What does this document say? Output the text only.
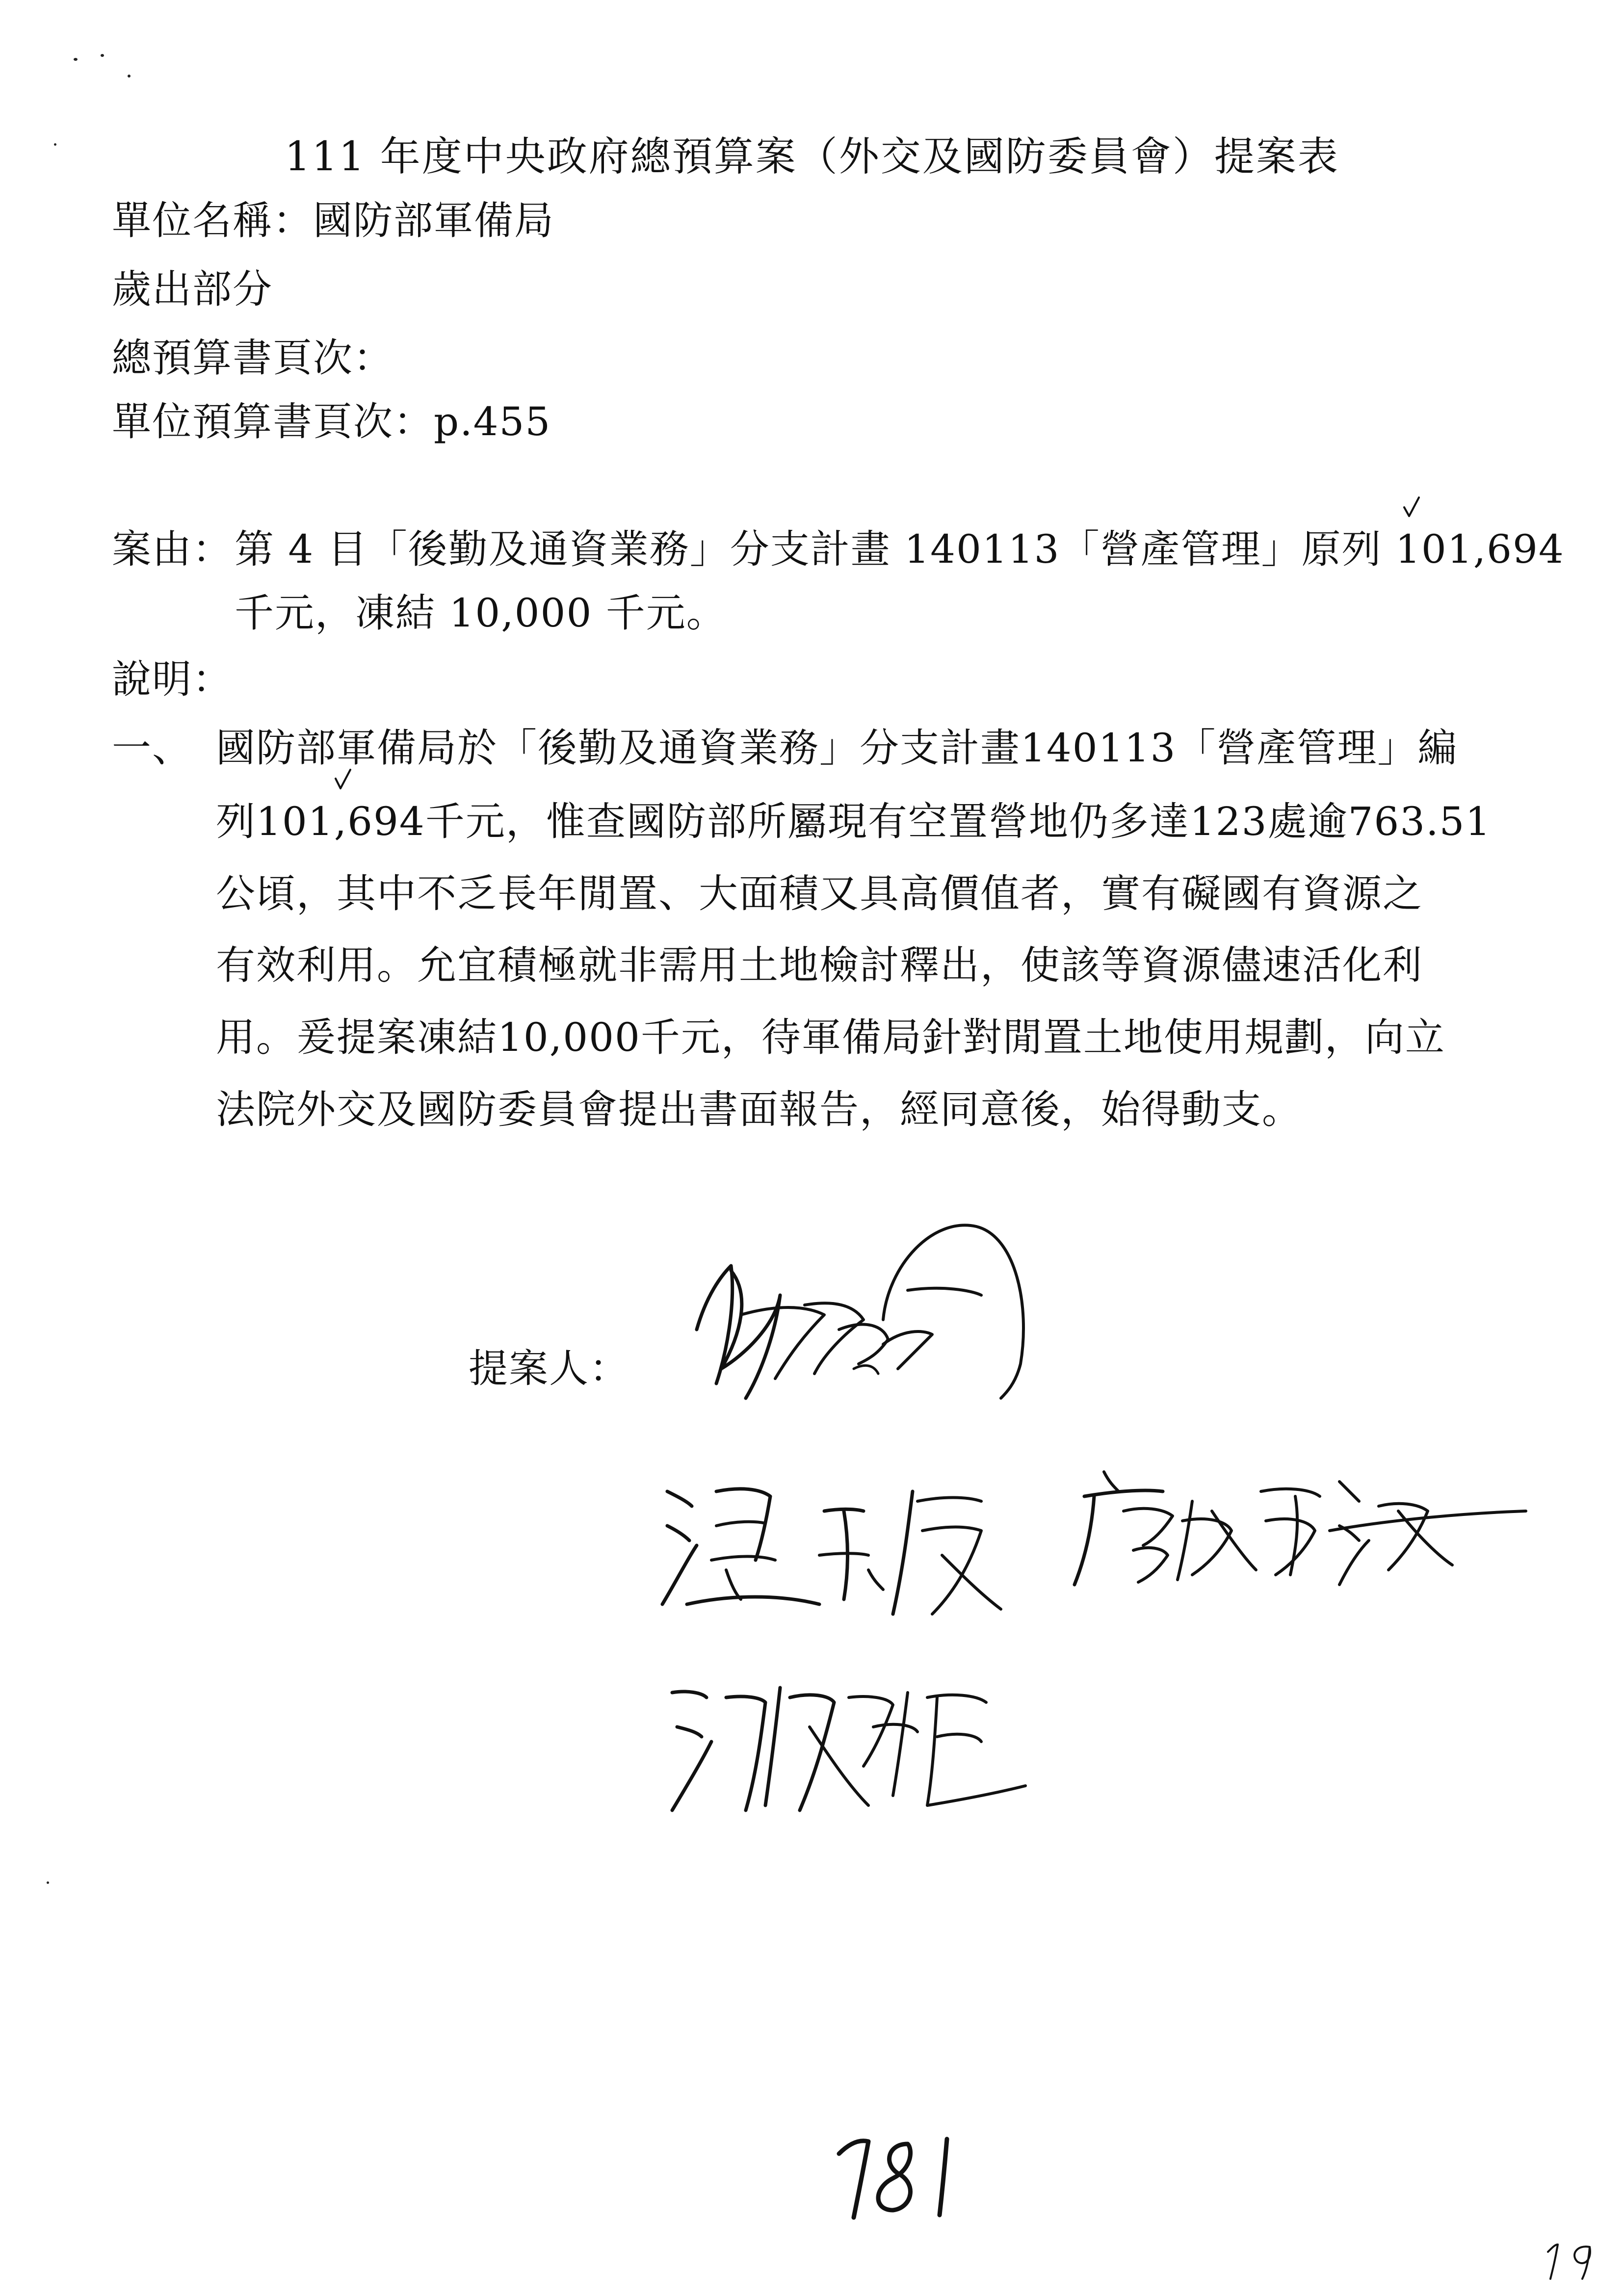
111 年度中央政府總預算案（外交及國防委員會）提案表
單位名稱：國防部軍備局
歲出部分
總預算書頁次：
單位預算書頁次：p.455
案由： 第 4 目「後勤及通資業務」分支計畫 140113「營產管理」原列 101,694
千元，凍結 10,000 千元。
說明：
一、 國防部軍備局於「後勤及通資業務」分支計畫140113「營產管理」編
列101,694千元，惟查國防部所屬現有空置營地仍多達123處逾763.51
公頃，其中不乏長年閒置、大面積又具高價值者，實有礙國有資源之
有效利用。允宜積極就非需用土地檢討釋出，使該等資源儘速活化利
用。爰提案凍結10,000千元，待軍備局針對閒置土地使用規劃，向立
法院外交及國防委員會提出書面報告，經同意後，始得動支。
提案人：
